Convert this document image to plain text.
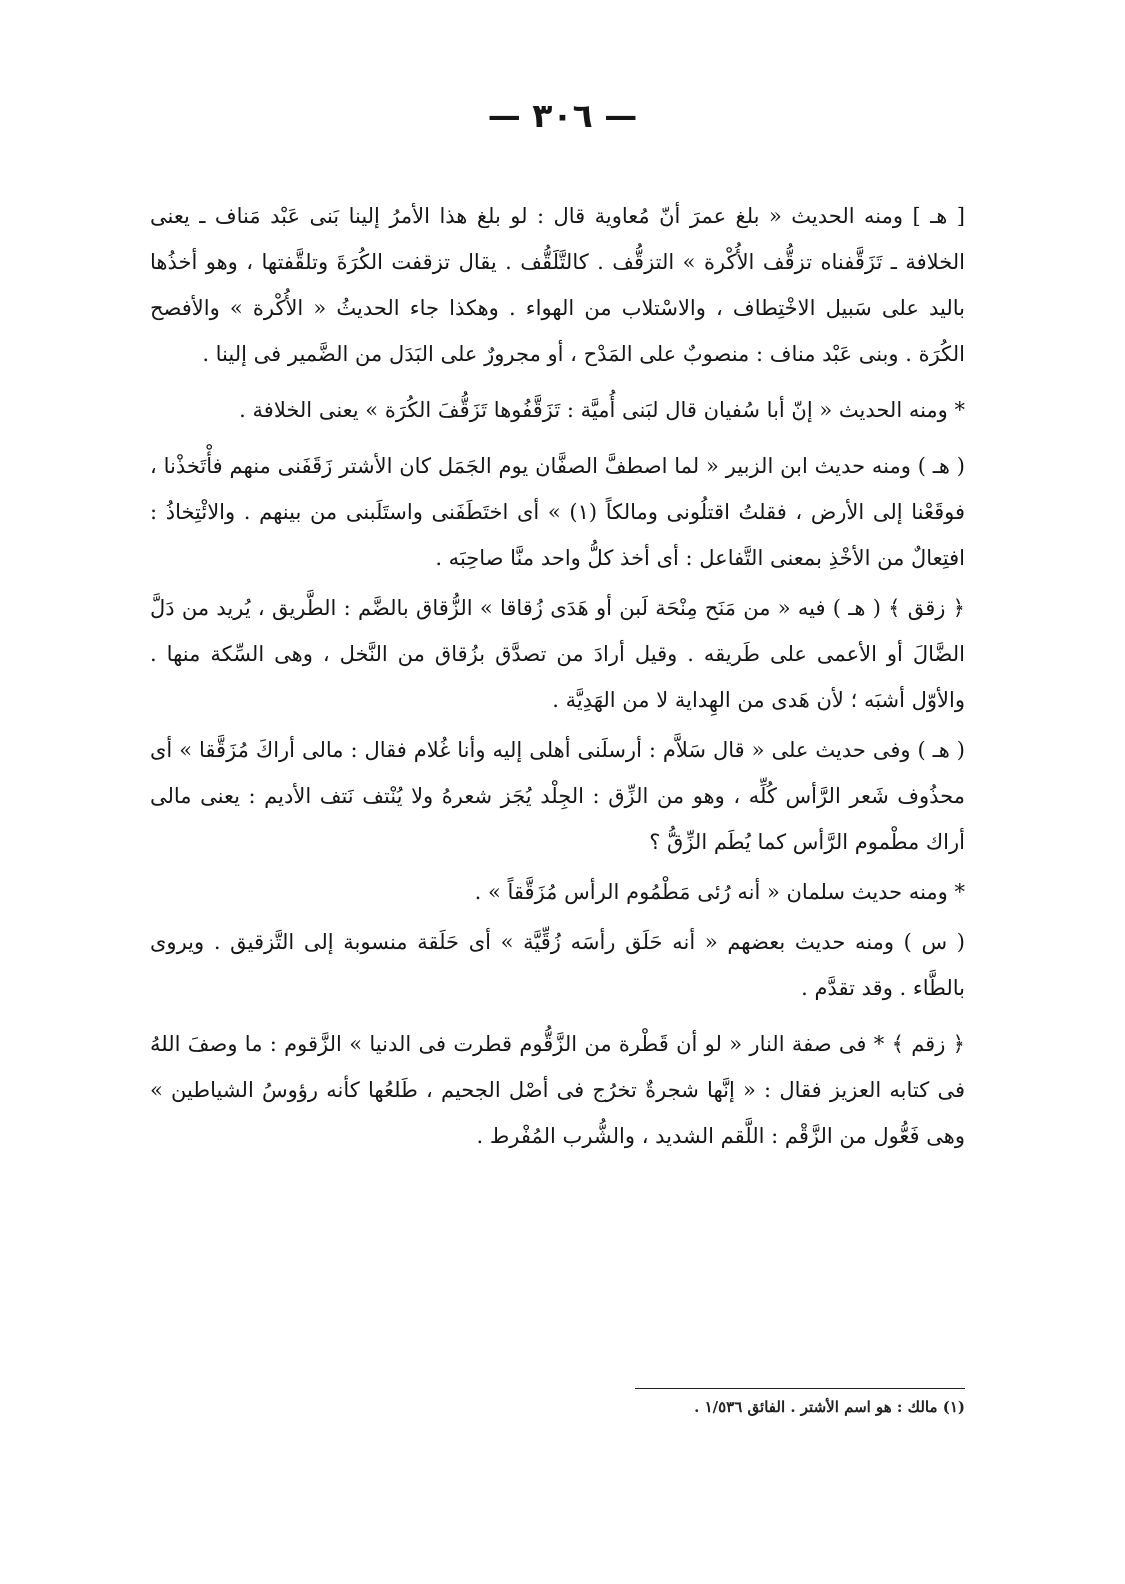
— ٣٠٦ —

[ هـ ] ومنه الحديث « بلغ عمرَ أنّ مُعاوية قال : لو بلغ هذا الأمرُ إلينا بَنى عَبْد مَناف ـ يعنى الخلافة ـ تَزَقَّفناه تزقُّف الأُكْرة » التزقُّف . كالتَّلَقُّف . يقال تزقفت الكُرَةَ وتلقَّفتها ، وهو أخذُها باليد على سَبيل الاخْتِطاف ، والاسْتلاب من الهواء . وهكذا جاء الحديثُ « الأُكْرة » والأفصح الكُرَة . وبنى عَبْد مناف : منصوبٌ على المَدْح ، أو مجرورٌ على البَدَل من الضَّمير فى إلينا .

* ومنه الحديث « إنّ أبا سُفيان قال لبَنى أُميَّة : تَزَقَّفُوها تَزَقُّفَ الكُرَة » يعنى الخلافة .

( هـ ) ومنه حديث ابن الزبير « لما اصطفَّ الصفَّان يوم الجَمَل كان الأشتر زَقَفَنى منهم فأْتَخذْنا ، فوقَعْنا إلى الأرض ، فقلتُ اقتلُونى ومالكاً (١) » أى اختَطَفَنى واستَلَبنى من بينهم . والائْتِخاذُ : افتِعالٌ من الأخْذِ بمعنى التَّفاعل : أى أخذ كلُّ واحد منَّا صاحِبَه .

﴿ زقق ﴾ ( هـ ) فيه « من مَنَح مِنْحَة لَبن أو هَدَى زُقاقا » الزُّقاق بالضَّم : الطَّريق ، يُريد من دَلَّ الضَّالَ أو الأعمى على طَريقه . وقيل أرادَ من تصدَّق بزُقاق من النَّخل ، وهى السِّكة منها . والأوّل أشبَه ؛ لأن هَدى من الهِداية لا من الهَدِيَّة .

( هـ ) وفى حديث على « قال سَلاَّم : أرسلَنى أهلى إليه وأنا غُلام فقال : مالى أراكَ مُزَقَّقا » أى محذُوف شَعر الرَّأس كُلِّه ، وهو من الزِّق : الجِلْد يُجَز شعرهُ ولا يُنْتف نَتف الأديم : يعنى مالى أراك مطْموم الرَّأس كما يُطَم الزِّقُّ ؟

* ومنه حديث سلمان « أنه رُئى مَطْمُوم الرأس مُزَقَّقاً » .

( س ) ومنه حديث بعضهم « أنه حَلَق رأسَه زُقِّيَّة » أى حَلَقة منسوبة إلى التَّزقيق . ويروى بالطَّاء . وقد تقدَّم .

﴿ زقم ﴾ * فى صفة النار « لو أن قَطْرة من الزَّقُّوم قطرت فى الدنيا » الزَّقوم : ما وصفَ اللهُ فى كتابه العزيز فقال : « إنَّها شجرةٌ تخرُج فى أصْل الجحيم ، طَلعُها كأنه رؤوسُ الشياطين » وهى فَعُّول من الزَّقْم : اللَّقم الشديد ، والشُّرب المُفْرط .

(١) مالك : هو اسم الأشتر . الفائق ١/٥٣٦ .
